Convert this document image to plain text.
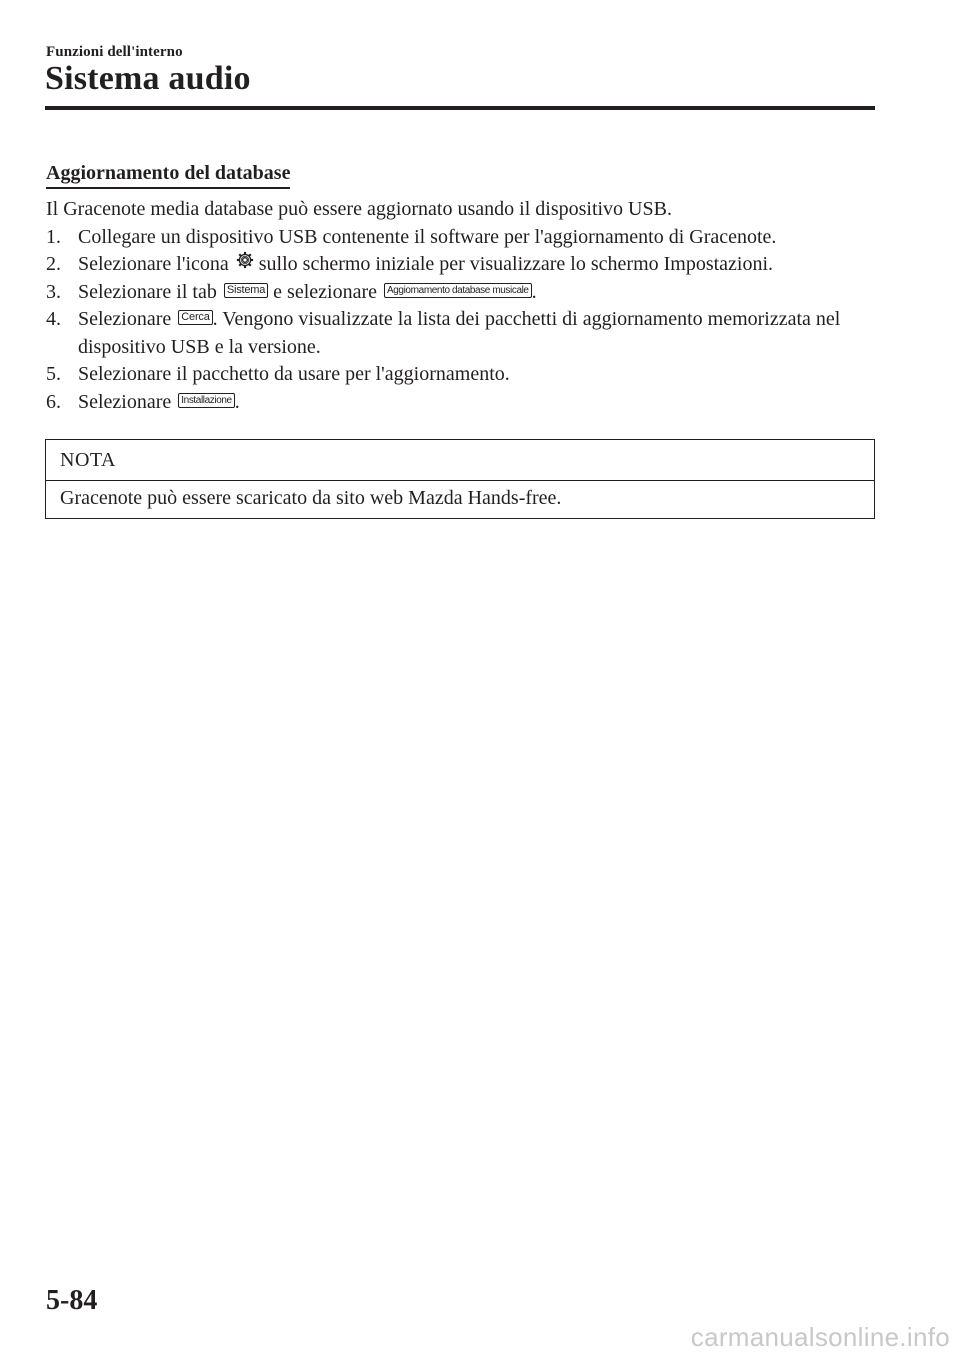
Funzioni dell'interno
Sistema audio
Aggiornamento del database

Il Gracenote media database può essere aggiornato usando il dispositivo USB.

1. Collegare un dispositivo USB contenente il software per l'aggiornamento di Gracenote.
2. Selezionare l'icona sullo schermo iniziale per visualizzare lo schermo Impostazioni.
3. Selezionare il tab Sistema e selezionare Aggiornamento database musicale .
4. Selezionare Cerca . Vengono visualizzate la lista dei pacchetti di aggiornamento memorizzata nel dispositivo USB e la versione.
5. Selezionare il pacchetto da usare per l'aggiornamento.
6. Selezionare Installazione .
NOTA
Gracenote può essere scaricato da sito web Mazda Hands-free.
5-84
carmanualsonline.info
